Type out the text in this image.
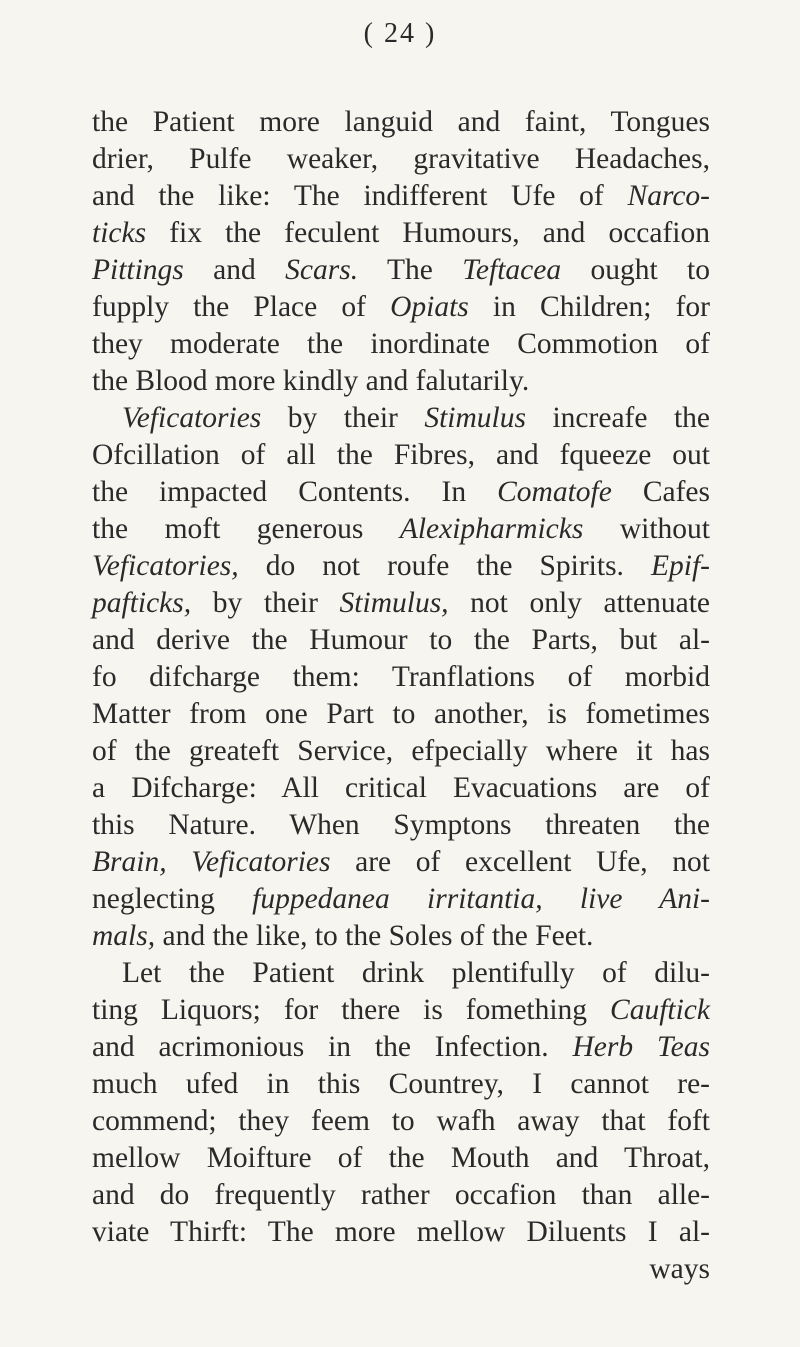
( 24 )
the Patient more languid and faint, Tongues
drier, Pulfe weaker, gravitative Headaches,
and the like: The indifferent Ufe of Narco-
ticks fix the feculent Humours, and occafion
Pittings and Scars. The Teftacea ought to
fupply the Place of Opiats in Children; for
they moderate the inordinate Commotion of
the Blood more kindly and falutarily.
Veficatories by their Stimulus increafe the
Ofcillation of all the Fibres, and fqueeze out
the impacted Contents. In Comatofe Cafes
the moft generous Alexipharmicks without
Veficatories, do not roufe the Spirits. Epif-
pafticks, by their Stimulus, not only attenuate
and derive the Humour to the Parts, but al-
fo difcharge them: Tranflations of morbid
Matter from one Part to another, is fometimes
of the greateft Service, efpecially where it has
a Difcharge: All critical Evacuations are of
this Nature. When Symptons threaten the
Brain, Veficatories are of excellent Ufe, not
neglecting fuppedanea irritantia, live Ani-
mals, and the like, to the Soles of the Feet.
Let the Patient drink plentifully of dilu-
ting Liquors; for there is fomething Cauftick
and acrimonious in the Infection. Herb Teas
much ufed in this Countrey, I cannot re-
commend; they feem to wafh away that foft
mellow Moifture of the Mouth and Throat,
and do frequently rather occafion than alle-
viate Thirft: The more mellow Diluents I al-
ways
